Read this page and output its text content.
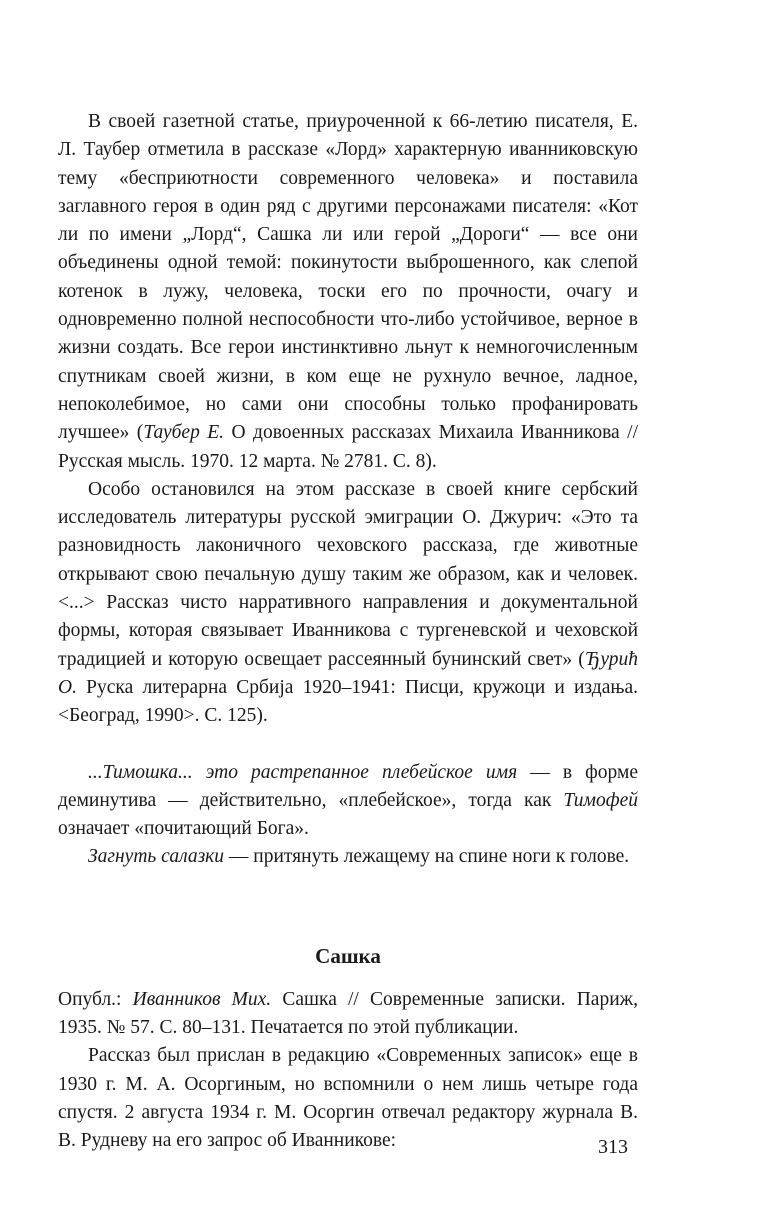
В своей газетной статье, приуроченной к 66-летию писателя, Е. Л. Таубер отметила в рассказе «Лорд» характерную иванниковскую тему «бесприютности современного человека» и поставила заглавного героя в один ряд с другими персонажами писателя: «Кот ли по имени „Лорд“, Сашка ли или герой „Дороги“ — все они объединены одной темой: покинутости выброшенного, как слепой котенок в лужу, человека, тоски его по прочности, очагу и одновременно полной неспособности что-либо устойчивое, верное в жизни создать. Все герои инстинктивно льнут к немногочисленным спутникам своей жизни, в ком еще не рухнуло вечное, ладное, непоколебимое, но сами они способны только профанировать лучшее» (Таубер Е. О довоенных рассказах Михаила Иванникова // Русская мысль. 1970. 12 марта. № 2781. С. 8).

Особо остановился на этом рассказе в своей книге сербский исследователь литературы русской эмиграции О. Джурич: «Это та разновидность лаконичного чеховского рассказа, где животные открывают свою печальную душу таким же образом, как и человек. <...> Рассказ чисто нарративного направления и документальной формы, которая связывает Иванникова с тургеневской и чеховской традицией и которую освещает рассеянный бунинский свет» (Ђурић О. Руска литерарна Србија 1920–1941: Писци, кружоци и издања. <Београд, 1990>. С. 125).

...Тимошка... это растрепанное плебейское имя — в форме деминутива — действительно, «плебейское», тогда как Тимофей означает «почитающий Бога».

Загнуть салазки — притянуть лежащему на спине ноги к голове.

Сашка

Опубл.: Иванников Мих. Сашка // Современные записки. Париж, 1935. № 57. С. 80–131. Печатается по этой публикации.

Рассказ был прислан в редакцию «Современных записок» еще в 1930 г. М. А. Осоргиным, но вспомнили о нем лишь четыре года спустя. 2 августа 1934 г. М. Осоргин отвечал редактору журнала В. В. Рудневу на его запрос об Иванникове:	313
